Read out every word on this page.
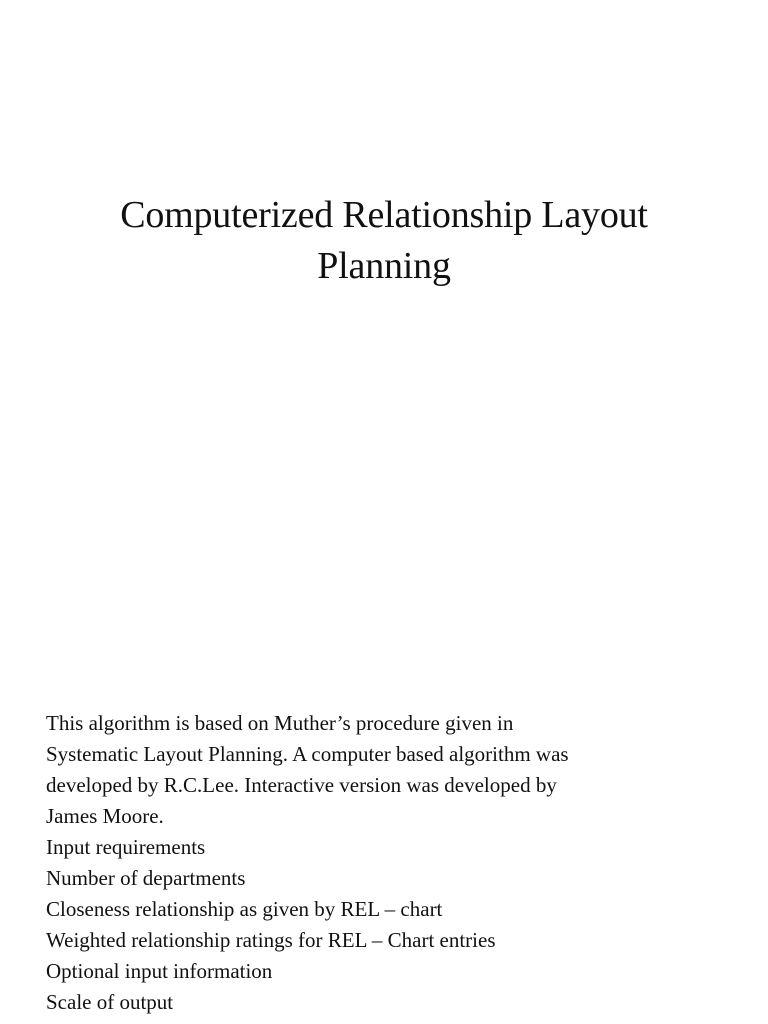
Computerized Relationship Layout
Planning
This algorithm is based on Muther’s procedure given in
Systematic Layout Planning. A computer based algorithm was
developed by R.C.Lee. Interactive version was developed by
James Moore.
Input requirements
Number of departments
Closeness relationship as given by REL – chart
Weighted relationship ratings for REL – Chart entries
Optional input information
Scale of output
